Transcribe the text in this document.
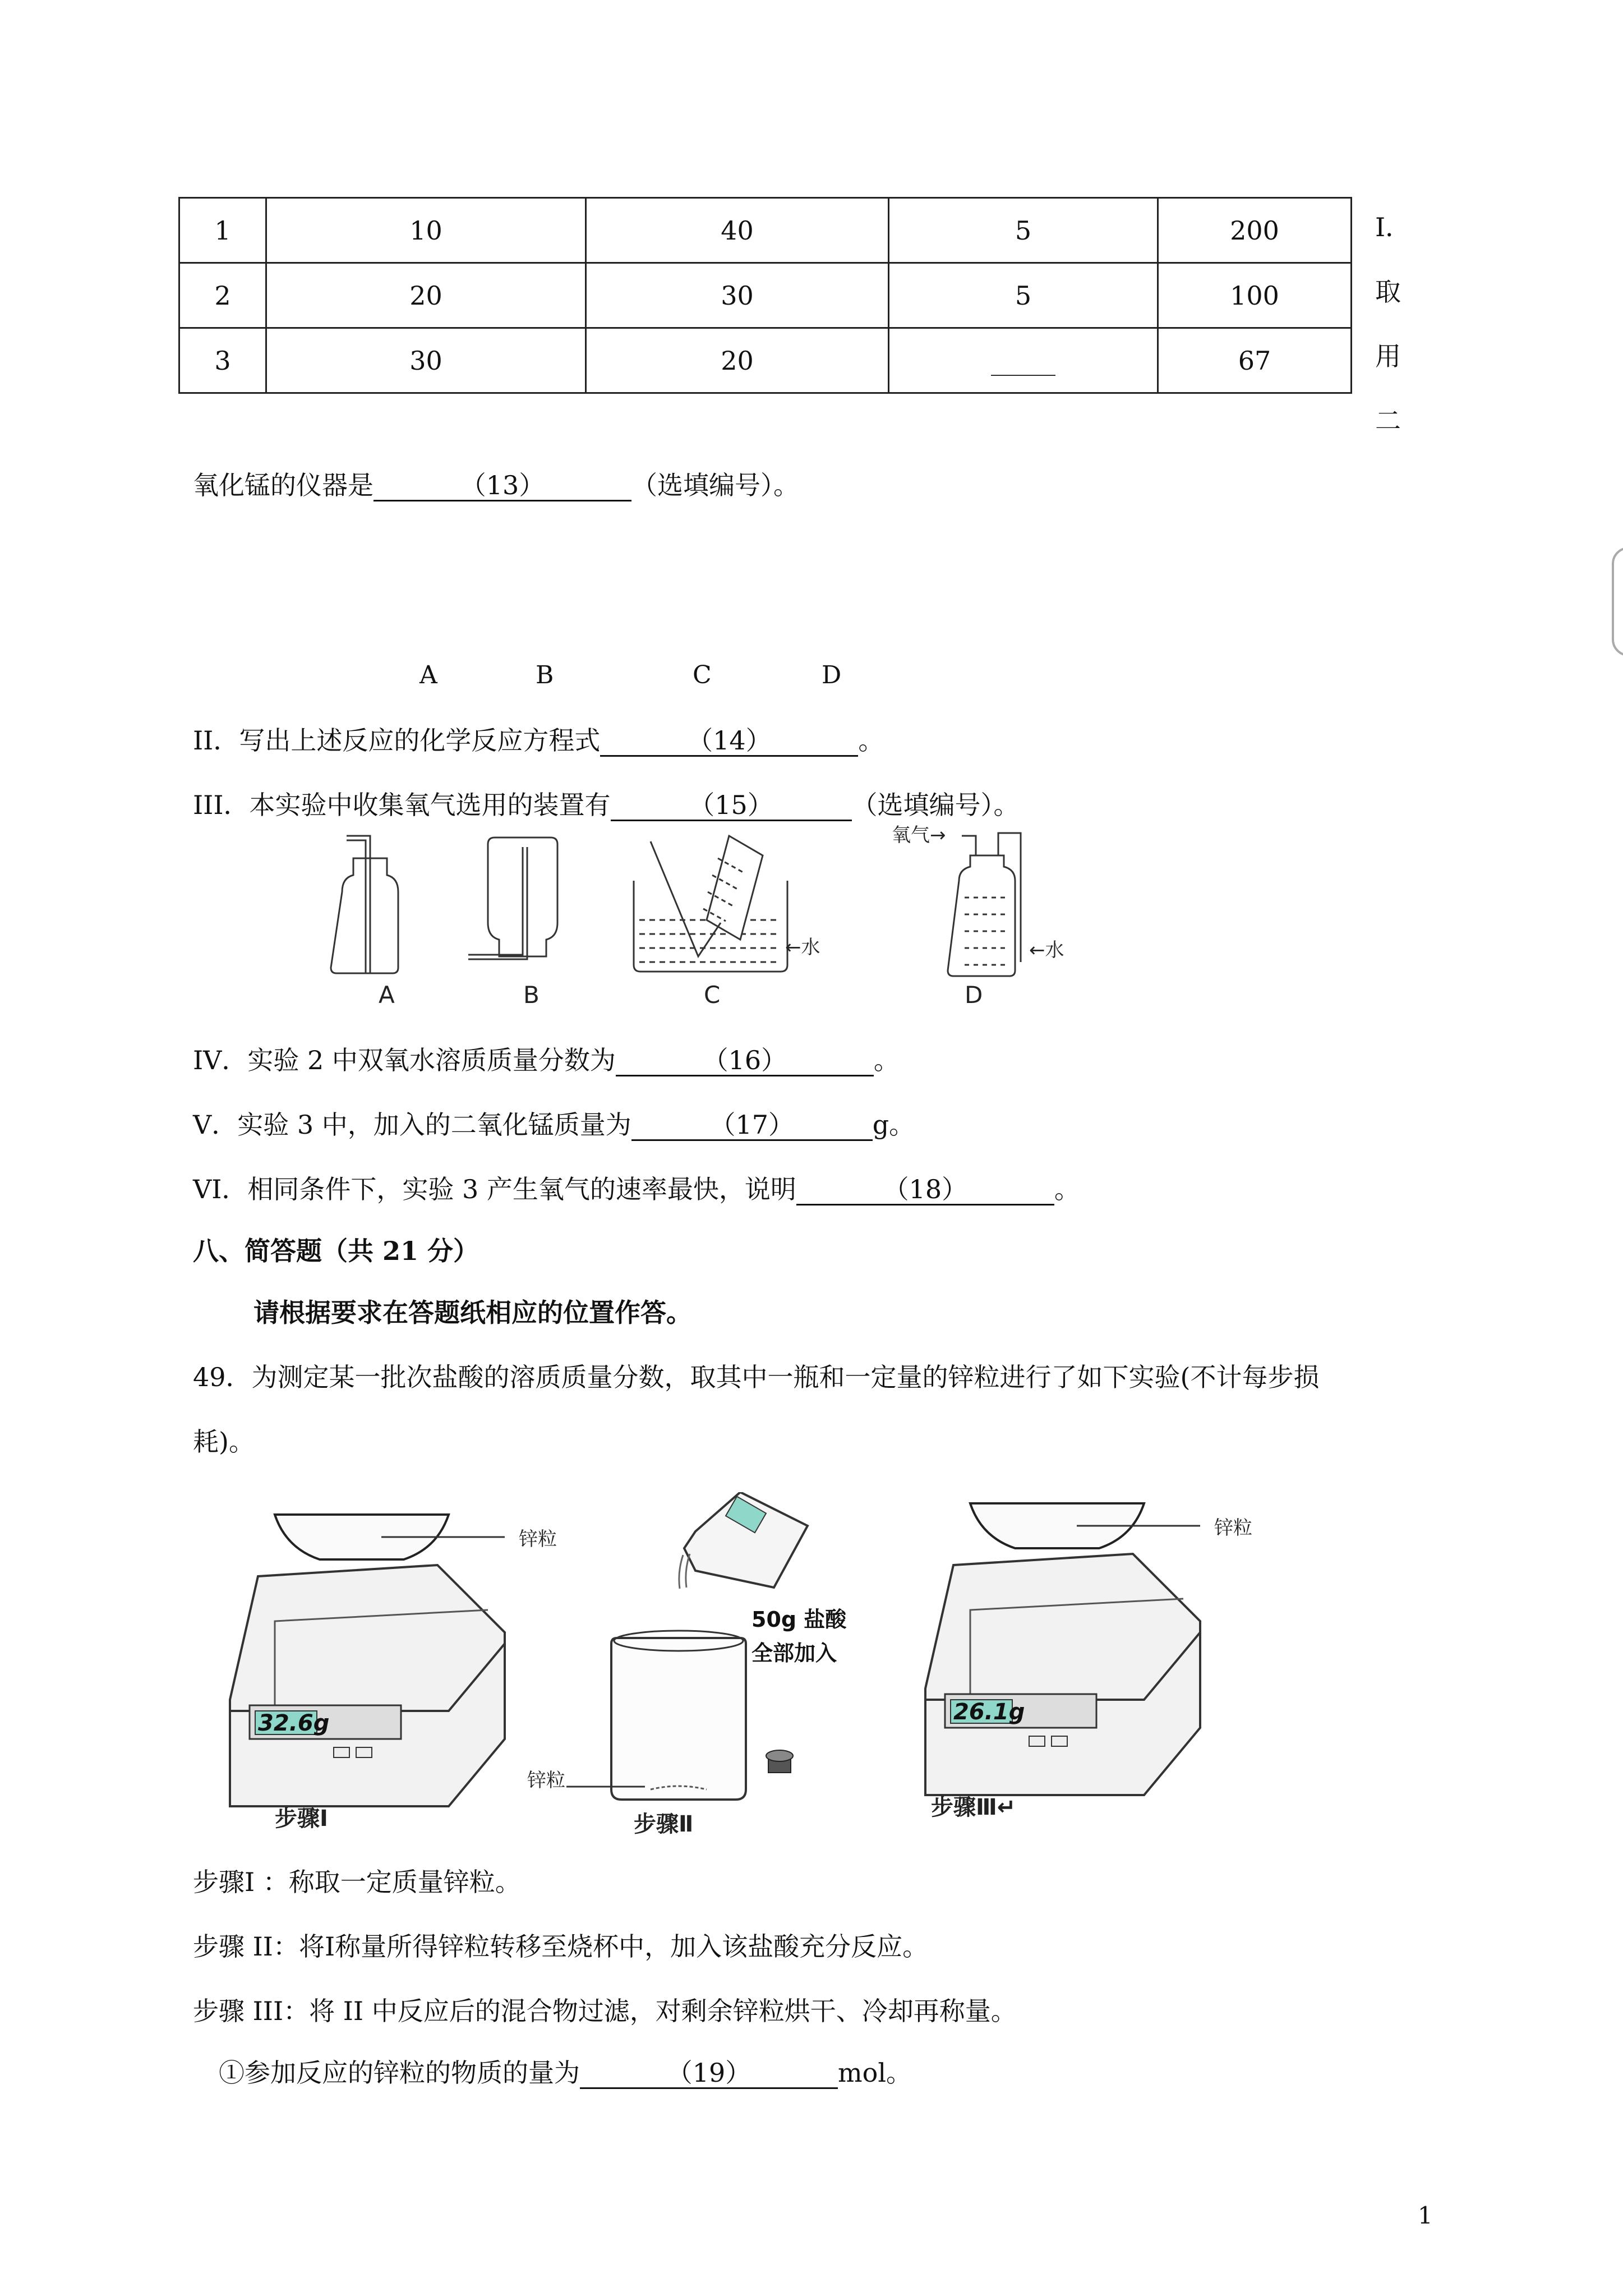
1	10	40	5	200
2	20	30	5	100
3	30	20	_____	67
Ⅰ．
取
用
二
氧化锰的仪器是	（13）	（选填编号）。
A	B	C	D
II．写出上述反应的化学反应方程式	（14）	。
III．本实验中收集氧气选用的装置有	（15）	（选填编号）。
←水	←水
氧气→
A	B	C	D
IV．实验 2 中双氧水溶质质量分数为	（16）	。
V．实验 3 中，加入的二氧化锰质量为	（17）	g。
VI．相同条件下，实验 3 产生氧气的速率最快，说明	（18）	。
八、简答题（共 21 分）
请根据要求在答题纸相应的位置作答。
49．为测定某一批次盐酸的溶质质量分数，取其中一瓶和一定量的锌粒进行了如下实验(不计每步损
耗)。
32.6g
锌粒
步骤Ⅰ
锌粒
50g 盐酸
全部加入
步骤Ⅱ
26.1g
锌粒
步骤Ⅲ↵
步骤Ⅰ ：称取一定质量锌粒。
步骤 II：将Ⅰ称量所得锌粒转移至烧杯中，加入该盐酸充分反应。
步骤 III：将 II 中反应后的混合物过滤，对剩余锌粒烘干、冷却再称量。
①参加反应的锌粒的物质的量为	（19）	mol。
1
